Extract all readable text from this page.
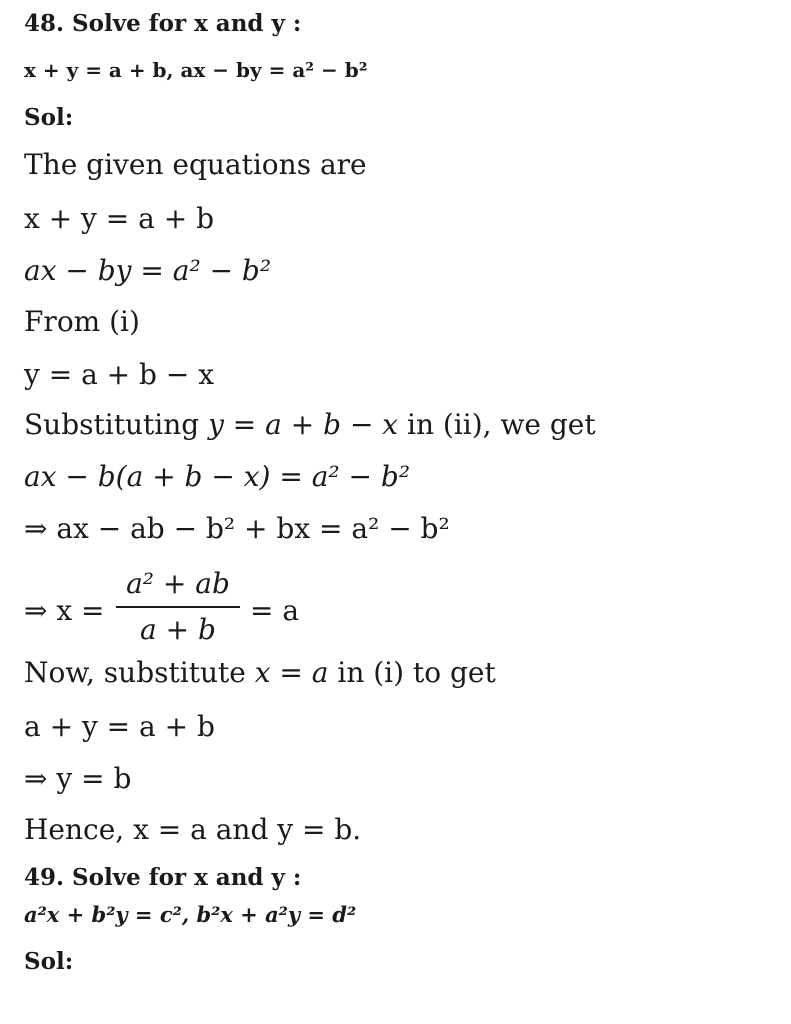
48. Solve for x and y :
x + y = a + b, ax − by = a² − b²
Sol:
The given equations are
x + y = a + b
ax − by = a² − b²
From (i)
y = a + b − x
Substituting y = a + b − x in (ii), we get
ax − b(a + b − x) = a² − b²
⇒ ax − ab − b² + bx = a² − b²
⇒ x =
a² + ab
a + b
= a
Now, substitute x = a in (i) to get
a + y = a + b
⇒ y = b
Hence, x = a and y = b.
49. Solve for x and y :
a²x + b²y = c², b²x + a²y = d²
Sol:
